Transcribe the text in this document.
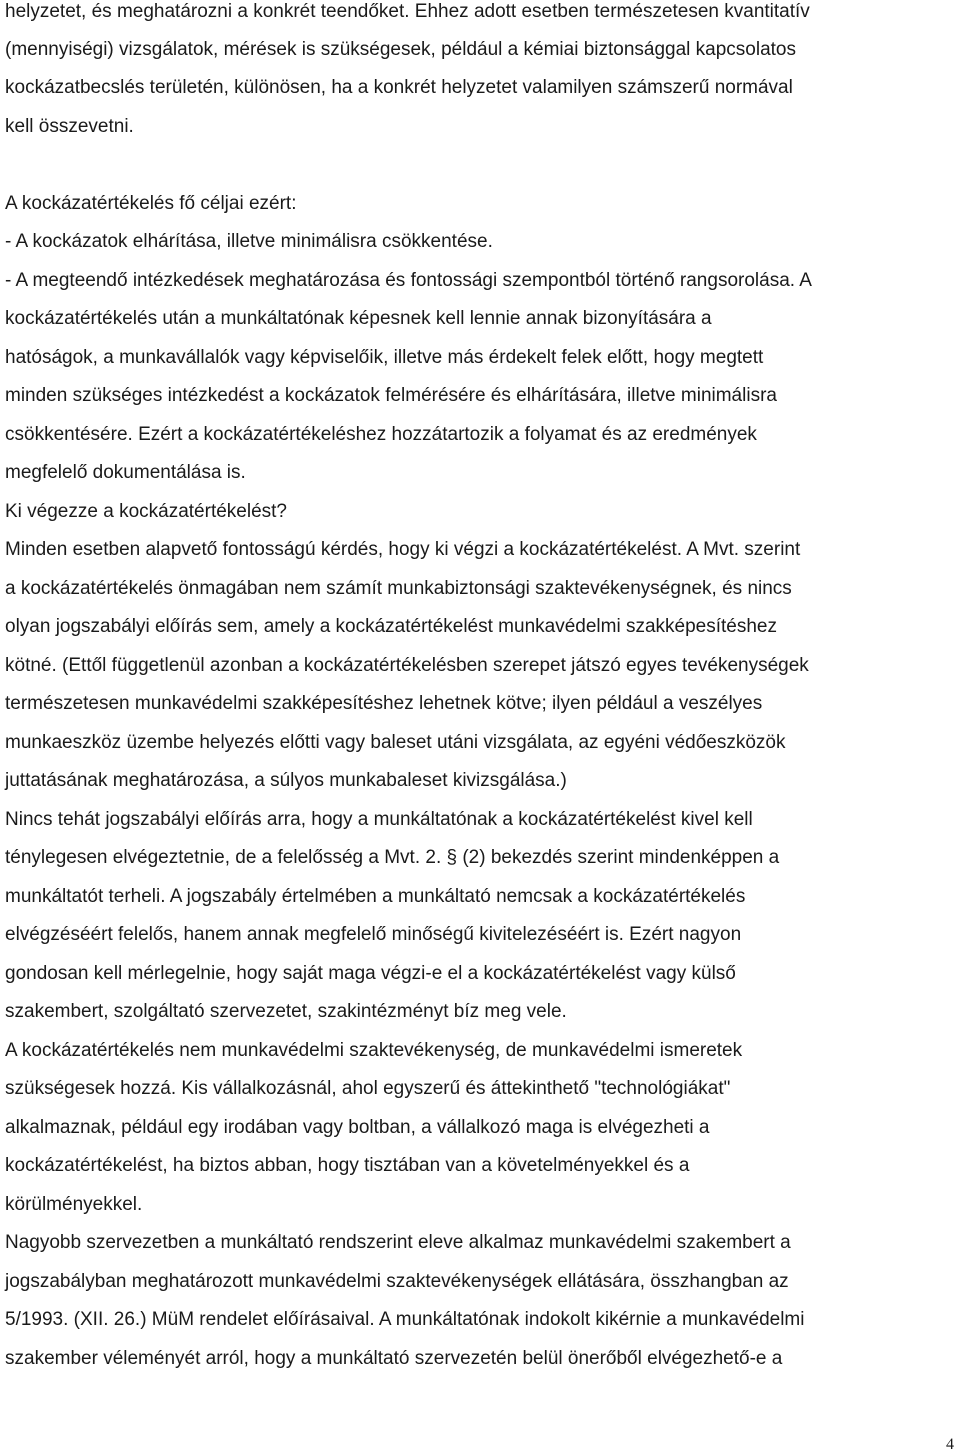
helyzetet, és meghatározni a konkrét teendőket. Ehhez adott esetben természetesen kvantitatív

(mennyiségi) vizsgálatok, mérések is szükségesek, például a kémiai biztonsággal kapcsolatos

kockázatbecslés területén, különösen, ha a konkrét helyzetet valamilyen számszerű normával

kell összevetni.

A kockázatértékelés fő céljai ezért:

- A kockázatok elhárítása, illetve minimálisra csökkentése.

- A megteendő intézkedések meghatározása és fontossági szempontból történő rangsorolása. A

kockázatértékelés után a munkáltatónak képesnek kell lennie annak bizonyítására a

hatóságok, a munkavállalók vagy képviselőik, illetve más érdekelt felek előtt, hogy megtett

minden szükséges intézkedést a kockázatok felmérésére és elhárítására, illetve minimálisra

csökkentésére. Ezért a kockázatértékeléshez hozzátartozik a folyamat és az eredmények

megfelelő dokumentálása is.

Ki végezze a kockázatértékelést?

Minden esetben alapvető fontosságú kérdés, hogy ki végzi a kockázatértékelést. A Mvt. szerint

a kockázatértékelés önmagában nem számít munkabiztonsági szaktevékenységnek, és nincs

olyan jogszabályi előírás sem, amely a kockázatértékelést munkavédelmi szakképesítéshez

kötné. (Ettől függetlenül azonban a kockázatértékelésben szerepet játszó egyes tevékenységek

természetesen munkavédelmi szakképesítéshez lehetnek kötve; ilyen például a veszélyes

munkaeszköz üzembe helyezés előtti vagy baleset utáni vizsgálata, az egyéni védőeszközök

juttatásának meghatározása, a súlyos munkabaleset kivizsgálása.)

Nincs tehát jogszabályi előírás arra, hogy a munkáltatónak a kockázatértékelést kivel kell

ténylegesen elvégeztetnie, de a felelősség a Mvt. 2. § (2) bekezdés szerint mindenképpen a

munkáltatót terheli. A jogszabály értelmében a munkáltató nemcsak a kockázatértékelés

elvégzéséért felelős, hanem annak megfelelő minőségű kivitelezéséért is. Ezért nagyon

gondosan kell mérlegelnie, hogy saját maga végzi-e el a kockázatértékelést vagy külső

szakembert, szolgáltató szervezetet, szakintézményt bíz meg vele.

A kockázatértékelés nem munkavédelmi szaktevékenység, de munkavédelmi ismeretek

szükségesek hozzá. Kis vállalkozásnál, ahol egyszerű és áttekinthető "technológiákat"

alkalmaznak, például egy irodában vagy boltban, a vállalkozó maga is elvégezheti a

kockázatértékelést, ha biztos abban, hogy tisztában van a követelményekkel és a

körülményekkel.

Nagyobb szervezetben a munkáltató rendszerint eleve alkalmaz munkavédelmi szakembert a

jogszabályban meghatározott munkavédelmi szaktevékenységek ellátására, összhangban az

5/1993. (XII. 26.) MüM rendelet előírásaival. A munkáltatónak indokolt kikérnie a munkavédelmi

szakember véleményét arról, hogy a munkáltató szervezetén belül önerőből elvégezhető-e a

4
